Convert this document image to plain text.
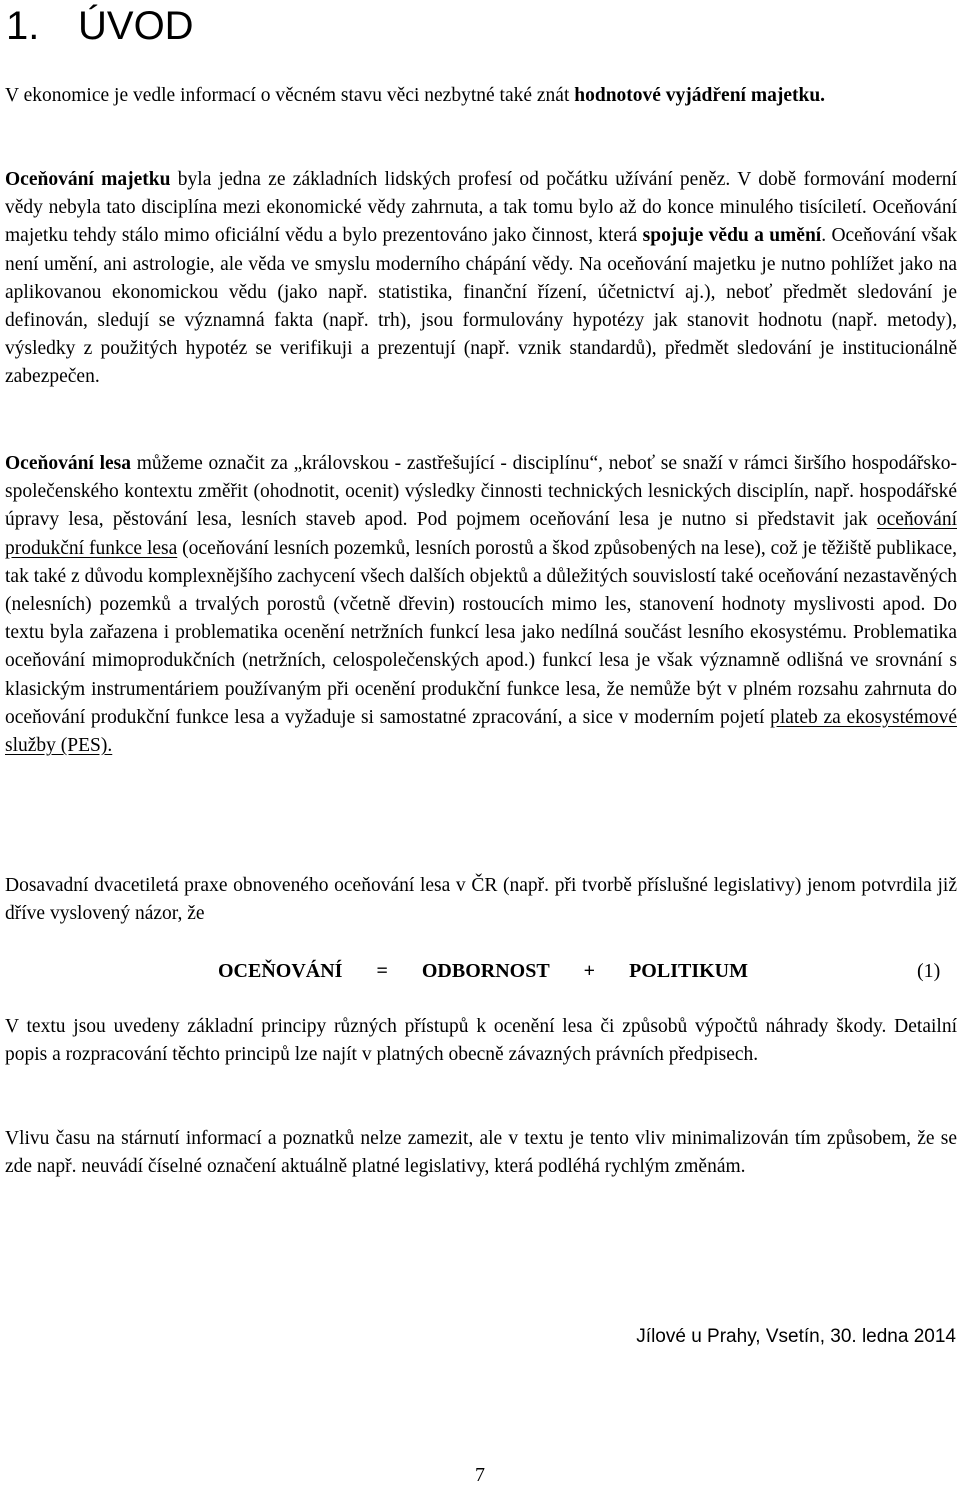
1. ÚVOD

V ekonomice je vedle informací o věcném stavu věci nezbytné také znát hodnotové vyjádření majetku.

Oceňování majetku byla jedna ze základních lidských profesí od počátku užívání peněz. V době formování moderní vědy nebyla tato disciplína mezi ekonomické vědy zahrnuta, a tak tomu bylo až do konce minulého tisíciletí. Oceňování majetku tehdy stálo mimo oficiální vědu a bylo prezentováno jako činnost, která spojuje vědu a umění. Oceňování však není umění, ani astrologie, ale věda ve smyslu moderního chápání vědy. Na oceňování majetku je nutno pohlížet jako na aplikovanou ekonomickou vědu (jako např. statistika, finanční řízení, účetnictví aj.), neboť předmět sledování je definován, sledují se významná fakta (např. trh), jsou formulovány hypotézy jak stanovit hodnotu (např. metody), výsledky z použitých hypotéz se verifikuji a prezentují (např. vznik standardů), předmět sledování je institucionálně zabezpečen.

Oceňování lesa můžeme označit za „královskou - zastřešující - disciplínu“, neboť se snaží v rámci širšího hospodářsko-společenského kontextu změřit (ohodnotit, ocenit) výsledky činnosti technických lesnických disciplín, např. hospodářské úpravy lesa, pěstování lesa, lesních staveb apod. Pod pojmem oceňování lesa je nutno si představit jak oceňování produkční funkce lesa (oceňování lesních pozemků, lesních porostů a škod způsobených na lese), což je těžiště publikace, tak také z důvodu komplexnějšího zachycení všech dalších objektů a důležitých souvislostí také oceňování nezastavěných (nelesních) pozemků a trvalých porostů (včetně dřevin) rostoucích mimo les, stanovení hodnoty myslivosti apod. Do textu byla zařazena i problematika ocenění netržních funkcí lesa jako nedílná součást lesního ekosystému. Problematika oceňování mimoprodukčních (netržních, celospolečenských apod.) funkcí lesa je však významně odlišná ve srovnání s klasickým instrumentáriem používaným při ocenění produkční funkce lesa, že nemůže být v plném rozsahu zahrnuta do oceňování produkční funkce lesa a vyžaduje si samostatné zpracování, a sice v moderním pojetí plateb za ekosystémové služby (PES).

Dosavadní dvacetiletá praxe obnoveného oceňování lesa v ČR (např. při tvorbě příslušné legislativy) jenom potvrdila již dříve vyslovený názor, že

OCEŇOVÁNÍ = ODBORNOST + POLITIKUM	(1)

V textu jsou uvedeny základní principy různých přístupů k ocenění lesa či způsobů výpočtů náhrady škody. Detailní popis a rozpracování těchto principů lze najít v platných obecně závazných právních předpisech.

Vlivu času na stárnutí informací a poznatků nelze zamezit, ale v textu je tento vliv minimalizován tím způsobem, že se zde např. neuvádí číselné označení aktuálně platné legislativy, která podléhá rychlým změnám.

Jílové u Prahy, Vsetín, 30. ledna 2014
7
